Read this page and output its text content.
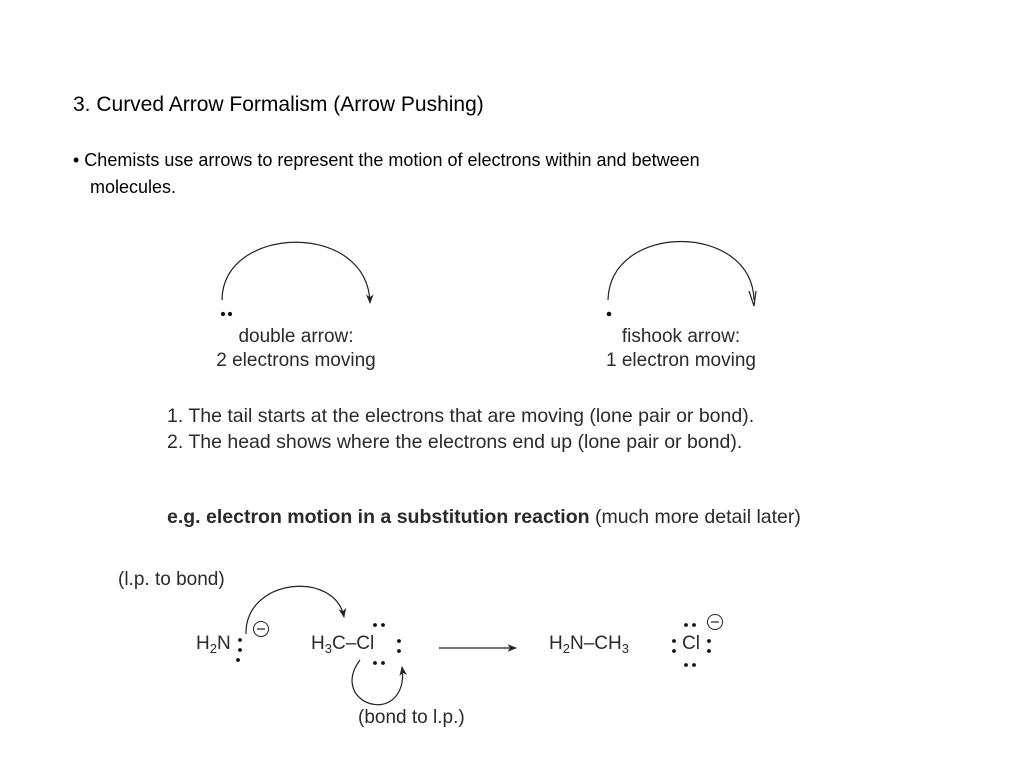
3. Curved Arrow Formalism (Arrow Pushing)
• Chemists use arrows to represent the motion of electrons within and between
molecules.
double arrow:
2 electrons moving
fishook arrow:
1 electron moving
1. The tail starts at the electrons that are moving (lone pair or bond).
2. The head shows where the electrons end up (lone pair or bond).
e.g. electron motion in a substitution reaction (much more detail later)
(l.p. to bond)
$H_2N$	$H_3C-Cl$	$H_2N-CH_3$	Cl
(bond to l.p.)
